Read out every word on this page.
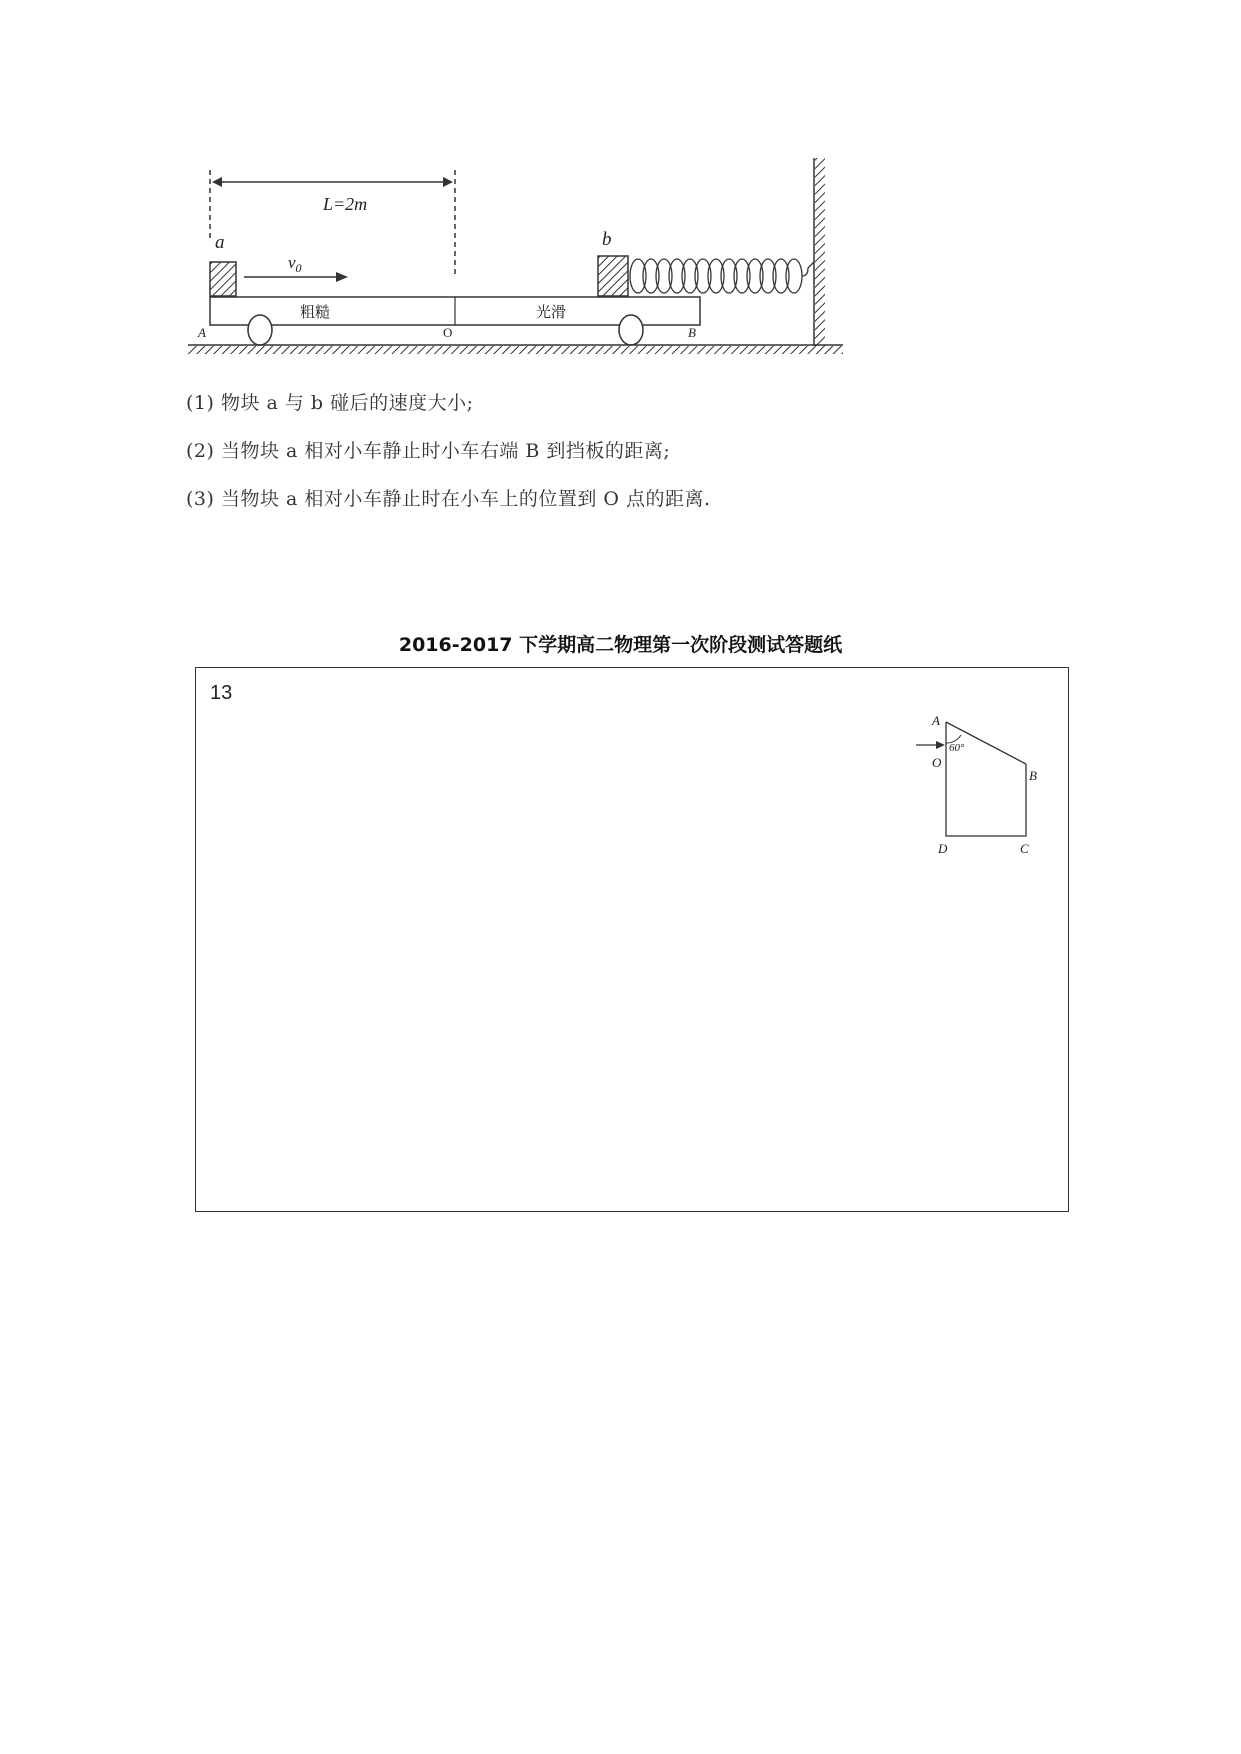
L=2m
a
$v_0$
粗糙	光滑
A	O	B
b
(1) 物块 a 与 b 碰后的速度大小;
(2) 当物块 a 相对小车静止时小车右端 B 到挡板的距离;
(3) 当物块 a 相对小车静止时在小车上的位置到 O 点的距离.
2016-2017 下学期高二物理第一次阶段测试答题纸
13
60°
A
O
B
D	C
